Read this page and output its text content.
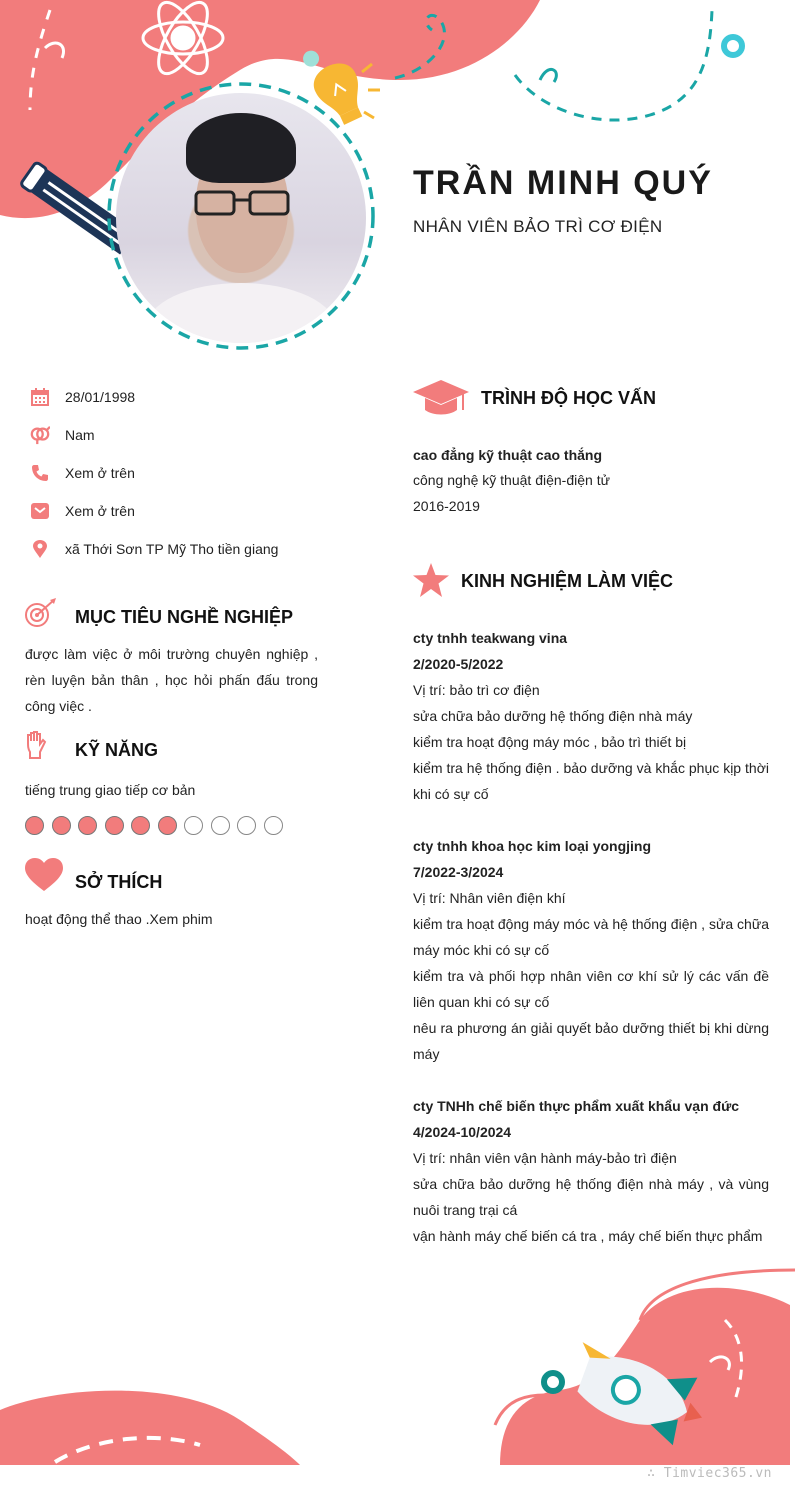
TRẦN MINH QUÝ
NHÂN VIÊN BẢO TRÌ CƠ ĐIỆN
28/01/1998
Nam
Xem ở trên
Xem ở trên
xã Thới Sơn TP Mỹ Tho tiền giang
MỤC TIÊU NGHỀ NGHIỆP
được làm việc ở môi trường chuyên nghiệp , rèn luyện bản thân , học hỏi phấn đấu trong công việc .
KỸ NĂNG
tiếng trung giao tiếp cơ bản
SỞ THÍCH
hoạt động thể thao .Xem phim
TRÌNH ĐỘ HỌC VẤN
cao đẳng kỹ thuật cao thắng
công nghệ kỹ thuật điện-điện tử
2016-2019
KINH NGHIỆM LÀM VIỆC

cty tnhh teakwang vina

2/2020-5/2022

Vị trí: bảo trì cơ điện

sửa chữa bảo dưỡng hệ thống điện nhà máy

kiểm tra hoạt động máy móc , bảo trì thiết bị

kiểm tra hệ thống điện . bảo dưỡng và khắc phục kịp thời khi có sự cố

cty tnhh khoa học kim loại yongjing

7/2022-3/2024

Vị trí: Nhân viên điện khí

kiểm tra hoạt động máy móc và hệ thống điện , sửa chữa máy móc khi có sự cố

kiểm tra và phối hợp nhân viên cơ khí sử lý các vấn đề liên quan khi có sự cố

nêu ra phương án giải quyết bảo dưỡng thiết bị khi dừng máy

cty TNHh chế biến thực phẩm xuất khẩu vạn đức

4/2024-10/2024

Vị trí: nhân viên vận hành máy-bảo trì điện

sửa chữa bảo dưỡng hệ thống điện nhà máy , và vùng nuôi trang trại cá

vận hành máy chế biến cá tra , máy chế biến thực phẩm

∴ Timviec365.vn
